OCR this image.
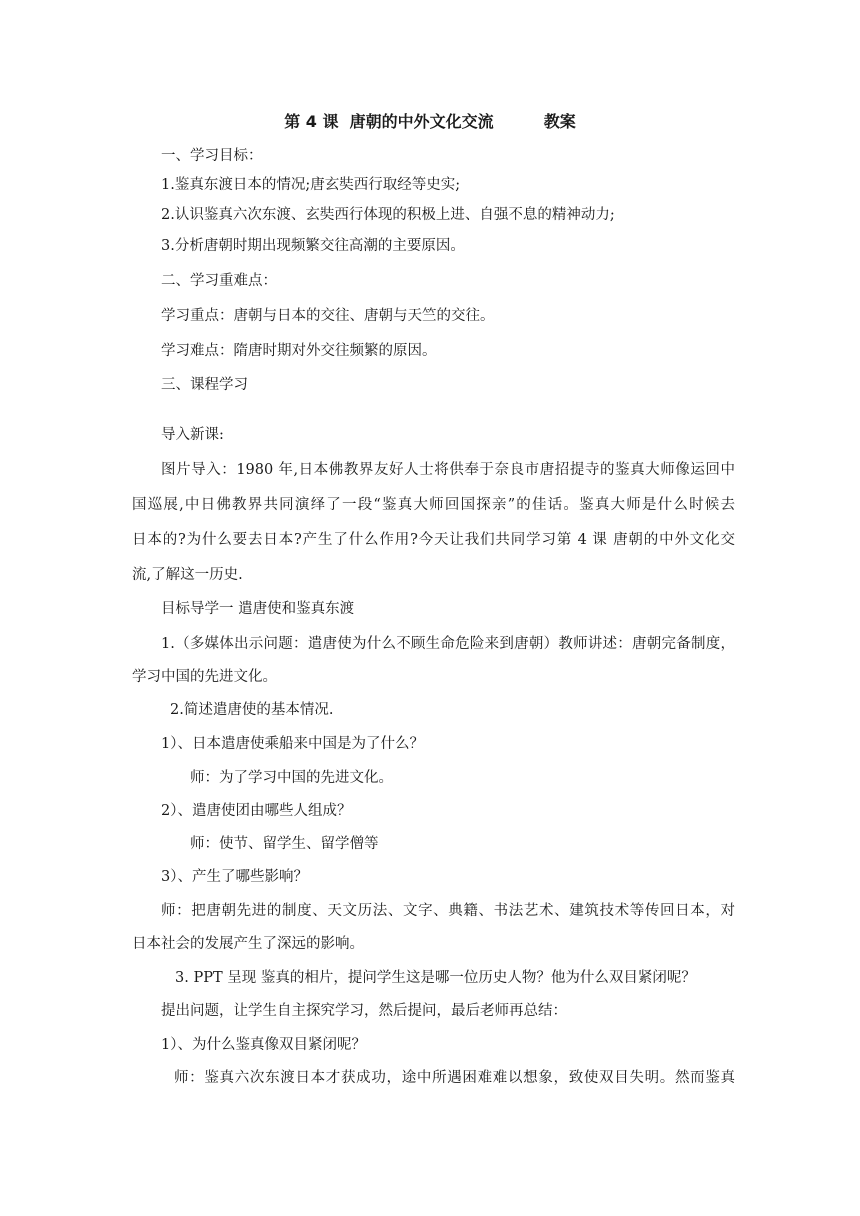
第 4 课  唐朝的中外文化交流         教案
一、学习目标：
1.鉴真东渡日本的情况;唐玄奘西行取经等史实;
2.认识鉴真六次东渡、玄奘西行体现的积极上进、自强不息的精神动力;
3.分析唐朝时期出现频繁交往高潮的主要原因。
二、学习重难点：
学习重点：唐朝与日本的交往、唐朝与天竺的交往。
学习难点：隋唐时期对外交往频繁的原因。
三、课程学习
导入新课:
图片导入：1980 年,日本佛教界友好人士将供奉于奈良市唐招提寺的鉴真大师像运回中
国巡展,中日佛教界共同演绎了一段“鉴真大师回国探亲”的佳话。鉴真大师是什么时候去
日本的?为什么要去日本?产生了什么作用?今天让我们共同学习第 4 课 唐朝的中外文化交
流,了解这一历史.
目标导学一 遣唐使和鉴真东渡
1.（多媒体出示问题：遣唐使为什么不顾生命危险来到唐朝）教师讲述：唐朝完备制度，
学习中国的先进文化。
2.简述遣唐使的基本情况.
1）、日本遣唐使乘船来中国是为了什么？
师：为了学习中国的先进文化。
2）、遣唐使团由哪些人组成？
师：使节、留学生、留学僧等
3）、产生了哪些影响？
师：把唐朝先进的制度、天文历法、文字、典籍、书法艺术、建筑技术等传回日本，对
日本社会的发展产生了深远的影响。
3. PPT 呈现 鉴真的相片，提问学生这是哪一位历史人物？他为什么双目紧闭呢？
提出问题，让学生自主探究学习，然后提问，最后老师再总结：
1）、为什么鉴真像双目紧闭呢？
师：鉴真六次东渡日本才获成功，途中所遇困难难以想象，致使双目失明。然而鉴真
